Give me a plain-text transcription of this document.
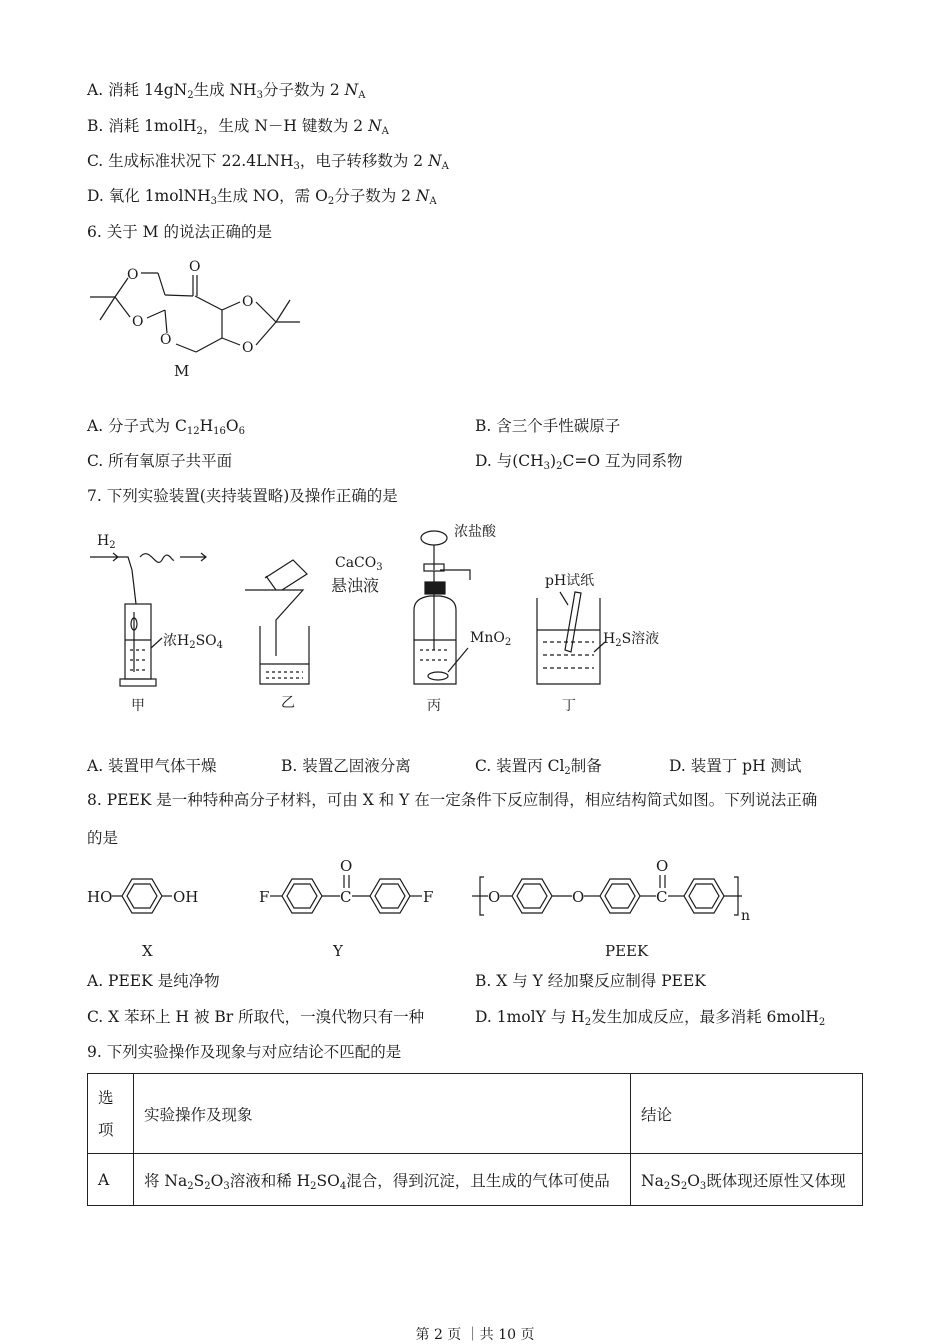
A. 消耗 $14gN_2$生成 $NH_3$分子数为 2 $N_A$
B. 消耗 1molH$_2$，生成 N－H 键数为 2 $N_A$
C. 生成标准状况下 $22.4LNH_3$，电子转移数为 2 $N_A$
D. 氧化 1molNH$_3$生成 NO，需 $O_2$分子数为 2 $N_A$
6. 关于 M 的说法正确的是
O
O
O
O
O
O
M
A. 分子式为 $C_{12}H_{16}O_6$	B. 含三个手性碳原子
C. 所有氧原子共平面	D. 与$(CH_3)_2C=O$ 互为同系物
7. 下列实验装置(夹持装置略)及操作正确的是
$H_2$
浓$H_2SO_4$
甲
CaCO$_3$
悬浊液
乙
浓盐酸
MnO$_2$
丙
pH试纸
$H_2S$溶液
丁
A. 装置甲气体干燥	B. 装置乙固液分离	C. 装置丙 $Cl_2$制备	D. 装置丁 pH 测试
8. PEEK 是一种特种高分子材料，可由 X 和 Y 在一定条件下反应制得，相应结构简式如图。下列说法正确
的是
HO	OH
X
F	C
O
F
Y
O	O	C
O
n
PEEK
A. PEEK 是纯净物	B. X 与 Y 经加聚反应制得 PEEK
C. X 苯环上 H 被 Br 所取代，一溴代物只有一种	D. 1molY 与 $H_2$发生加成反应，最多消耗 6molH$_2$
9. 下列实验操作及现象与对应结论不匹配的是
选
项	实验操作及现象	结论
A	将 $Na_2S_2O_3$溶液和稀 $H_2SO_4$混合，得到沉淀，且生成的气体可使品	$Na_2S_2O_3$既体现还原性又体现
第 2 页 ｜共 10 页
